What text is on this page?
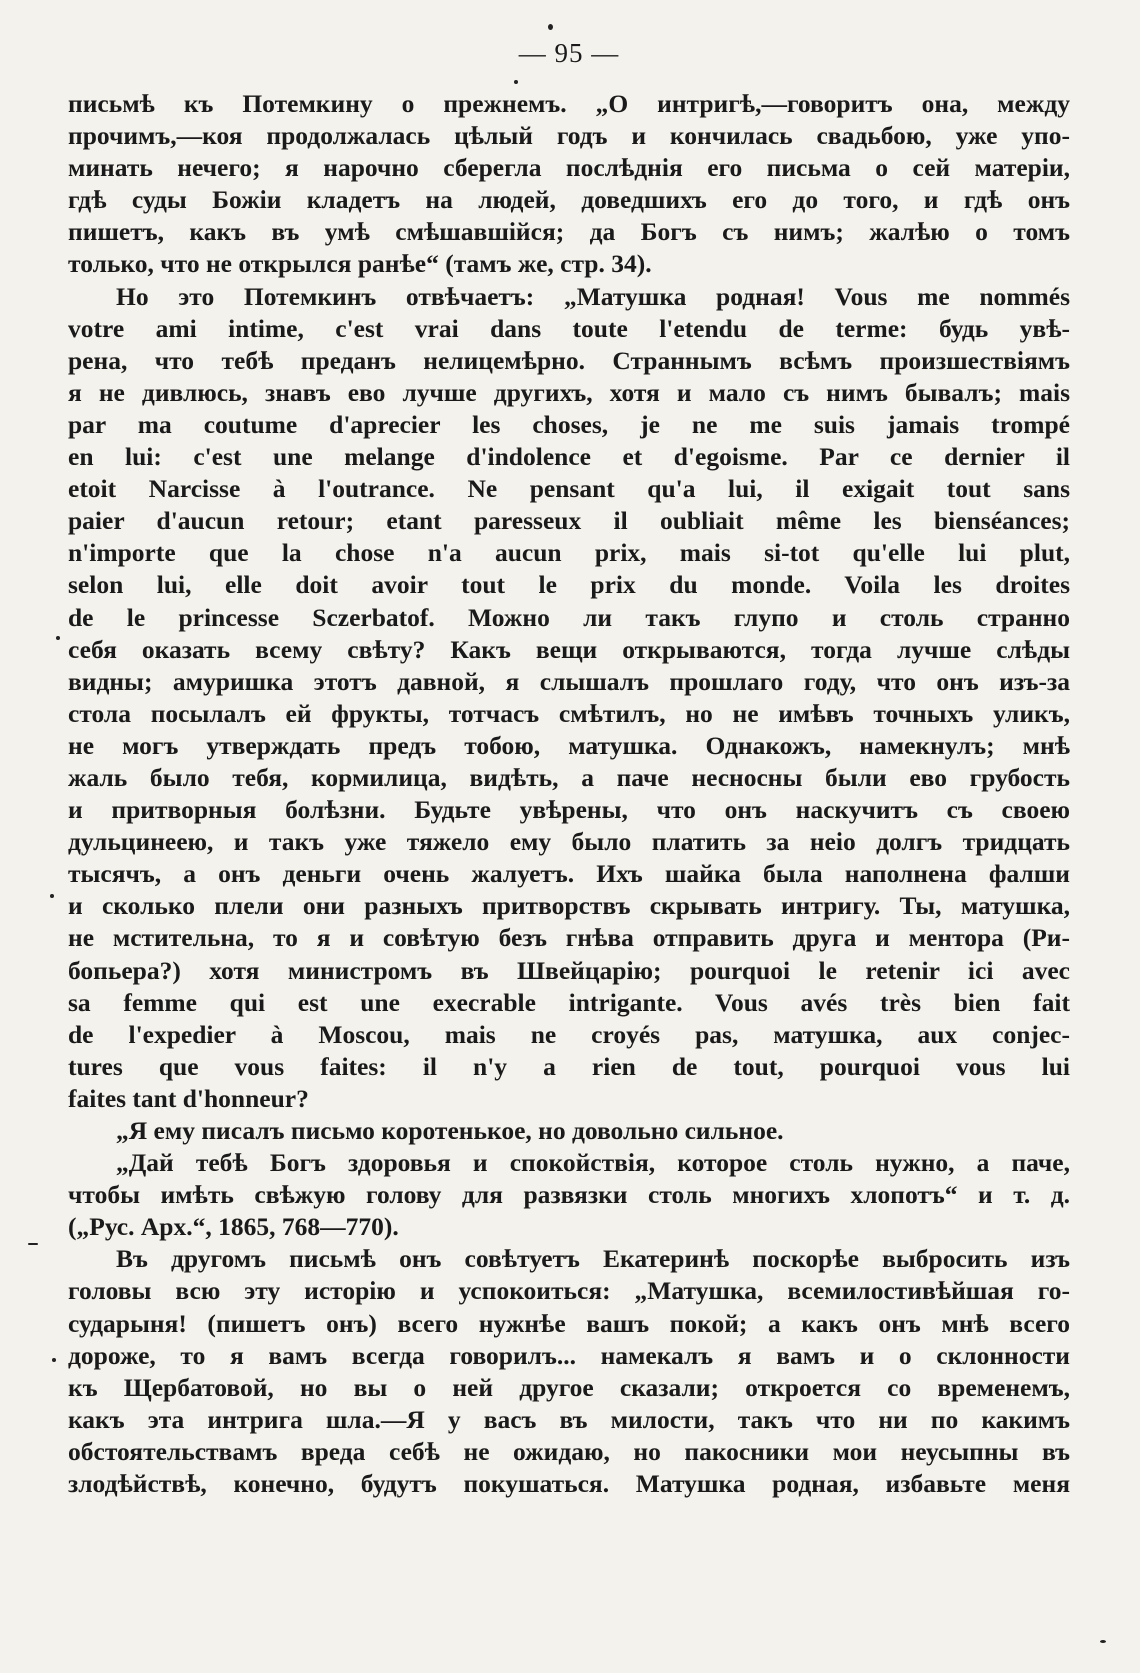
— 95 —
письмѣ къ Потемкину о прежнемъ. „О интригѣ,—говоритъ она, между
прочимъ,—коя продолжалась цѣлый годъ и кончилась свадьбою, уже упо-
минать нечего; я нарочно сберегла послѣднія его письма о сей матеріи,
гдѣ суды Божіи кладетъ на людей, доведшихъ его до того, и гдѣ онъ
пишетъ, какъ въ умѣ смѣшавшійся; да Богъ съ нимъ; жалѣю о томъ
только, что не открылся ранѣе“ (тамъ же, стр. 34).
Но это Потемкинъ отвѣчаетъ: „Матушка родная! Vous me nommés
votre ami intime, c'est vrai dans toute l'etendu de terme: будь увѣ-
рена, что тебѣ преданъ нелицемѣрно. Страннымъ всѣмъ произшествіямъ
я не дивлюсь, знавъ ево лучше другихъ, хотя и мало съ нимъ бывалъ; mais
par ma coutume d'aprecier les choses, je ne me suis jamais trompé
en lui: c'est une melange d'indolence et d'egoisme. Par ce dernier il
etoit Narcisse à l'outrance. Ne pensant qu'a lui, il exigait tout sans
paier d'aucun retour; etant paresseux il oubliait même les bienséances;
n'importe que la chose n'a aucun prix, mais si-tot qu'elle lui plut,
selon lui, elle doit avoir tout le prix du monde. Voila les droites
de le princesse Sczerbatof. Можно ли такъ глупо и столь странно
себя оказать всему свѣту? Какъ вещи открываются, тогда лучше слѣды
видны; амуришка этотъ давной, я слышалъ прошлаго году, что онъ изъ-за
стола посылалъ ей фрукты, тотчасъ смѣтилъ, но не имѣвъ точныхъ уликъ,
не могъ утверждать предъ тобою, матушка. Однакожъ, намекнулъ; мнѣ
жаль было тебя, кормилица, видѣть, а паче несносны были ево грубость
и притворныя болѣзни. Будьте увѣрены, что онъ наскучитъ съ своею
дульцинеею, и такъ уже тяжело ему было платить за неіо долгъ тридцать
тысячъ, а онъ деньги очень жалуетъ. Ихъ шайка была наполнена фалши
и сколько плели они разныхъ притворствъ скрывать интригу. Ты, матушка,
не мстительна, то я и совѣтую безъ гнѣва отправить друга и ментора (Ри-
бопьера?) хотя министромъ въ Швейцарію; pourquoi le retenir ici avec
sa femme qui est une execrable intrigante. Vous avés très bien fait
de l'expedier à Moscou, mais ne croyés pas, матушка, aux conjec-
tures que vous faites: il n'y a rien de tout, pourquoi vous lui
faites tant d'honneur?
„Я ему писалъ письмо коротенькое, но довольно сильное.
„Дай тебѣ Богъ здоровья и спокойствія, которое столь нужно, а паче,
чтобы имѣть свѣжую голову для развязки столь многихъ хлопотъ“ и т. д.
(„Рус. Арх.“, 1865, 768—770).
Въ другомъ письмѣ онъ совѣтуетъ Екатеринѣ поскорѣе выбросить изъ
головы всю эту исторію и успокоиться: „Матушка, всемилостивѣйшая го-
сударыня! (пишетъ онъ) всего нужнѣе вашъ покой; а какъ онъ мнѣ всего
дороже, то я вамъ всегда говорилъ... намекалъ я вамъ и о склонности
къ Щербатовой, но вы о ней другое сказали; откроется со временемъ,
какъ эта интрига шла.—Я у васъ въ милости, такъ что ни по какимъ
обстоятельствамъ вреда себѣ не ожидаю, но пакосники мои неусыпны въ
злодѣйствѣ, конечно, будутъ покушаться. Матушка родная, избавьте меня
